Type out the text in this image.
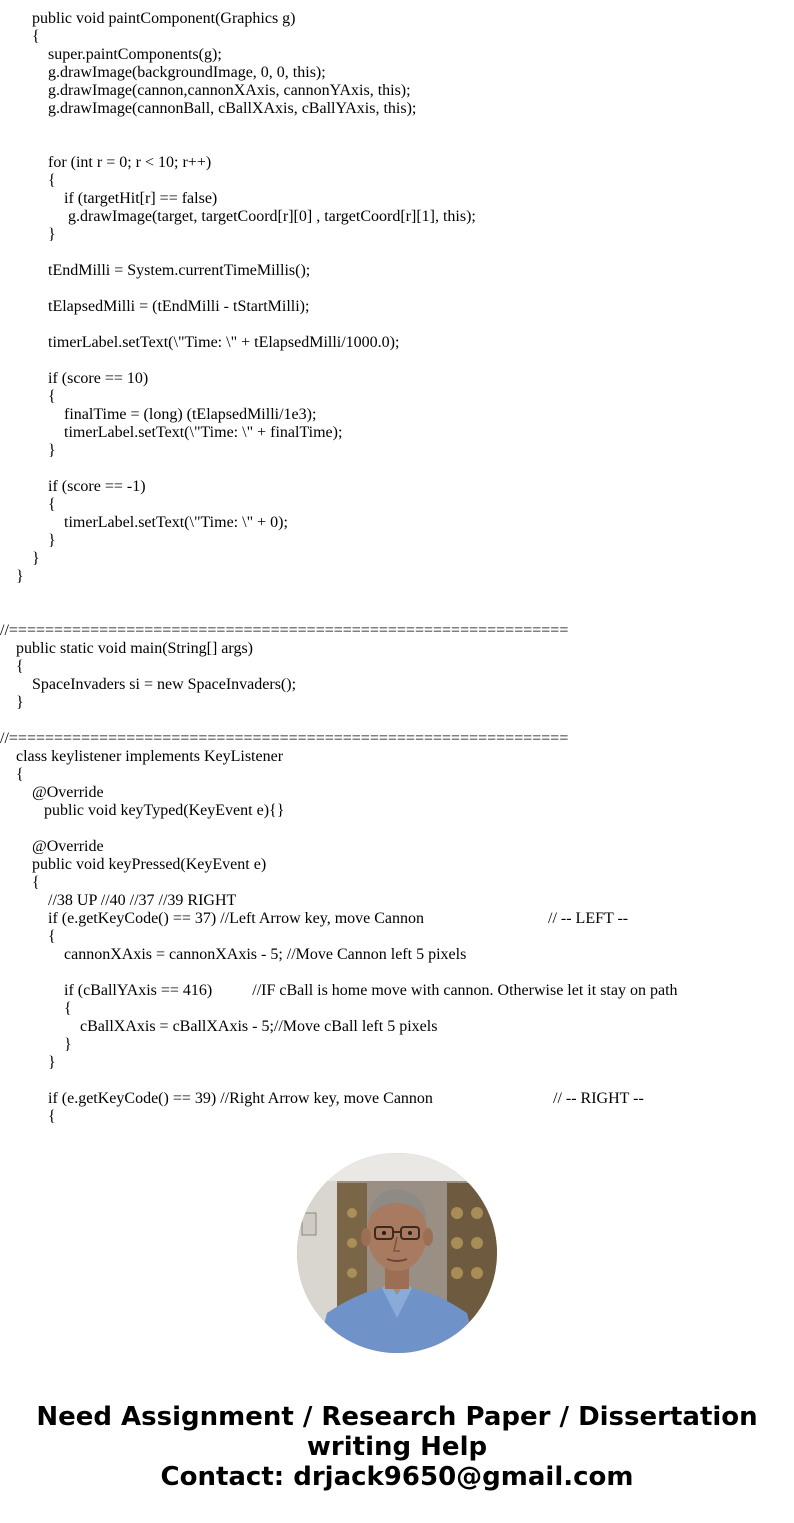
public void paintComponent(Graphics g)
{
super.paintComponents(g);
g.drawImage(backgroundImage, 0, 0, this);
g.drawImage(cannon,cannonXAxis, cannonYAxis, this);
g.drawImage(cannonBall, cBallXAxis, cBallYAxis, this);
for (int r = 0; r < 10; r++)
{
if (targetHit[r] == false)
g.drawImage(target, targetCoord[r][0] , targetCoord[r][1], this);
}
tEndMilli = System.currentTimeMillis();
tElapsedMilli = (tEndMilli - tStartMilli);
timerLabel.setText(\"Time: \" + tElapsedMilli/1000.0);
if (score == 10)
{
finalTime = (long) (tElapsedMilli/1e3);
timerLabel.setText(\"Time: \" + finalTime);
}
if (score == -1)
{
timerLabel.setText(\"Time: \" + 0);
}
}
}
//==============================================================
public static void main(String[] args)
{
SpaceInvaders si = new SpaceInvaders();
}
//==============================================================
class keylistener implements KeyListener
{
@Override
public void keyTyped(KeyEvent e){}
@Override
public void keyPressed(KeyEvent e)
{
//38 UP //40 //37 //39 RIGHT
if (e.getKeyCode() == 37) //Left Arrow key, move Cannon	// -- LEFT --
{
cannonXAxis = cannonXAxis - 5; //Move Cannon left 5 pixels
if (cBallYAxis == 416)          //IF cBall is home move with cannon. Otherwise let it stay on path
{
cBallXAxis = cBallXAxis - 5;//Move cBall left 5 pixels
}
}
if (e.getKeyCode() == 39) //Right Arrow key, move Cannon	// -- RIGHT --
{
Need Assignment / Research Paper / Dissertation
writing Help
Contact: drjack9650@gmail.com
